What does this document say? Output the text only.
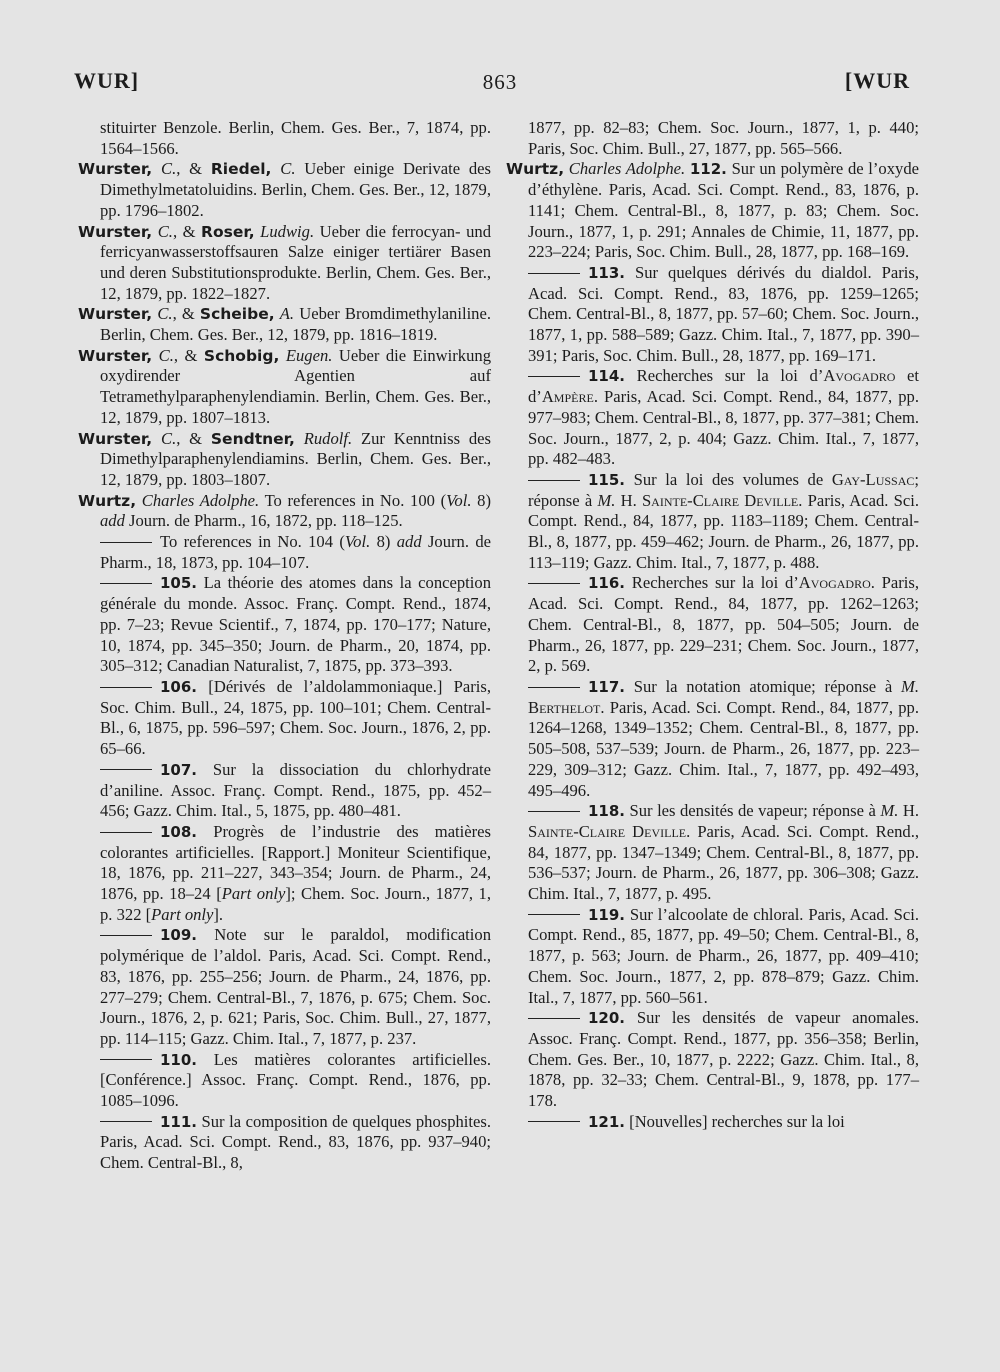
WUR]	863	[WUR

stituirter Benzole. Berlin, Chem. Ges. Ber., 7, 1874, pp. 1564–1566.

Wurster, C., & Riedel, C. Ueber einige Derivate des Dimethylmetatoluidins. Berlin, Chem. Ges. Ber., 12, 1879, pp. 1796–1802.

Wurster, C., & Roser, Ludwig. Ueber die ferrocyan- und ferricyanwasserstoffsauren Salze einiger tertiärer Basen und deren Substitutionsprodukte. Berlin, Chem. Ges. Ber., 12, 1879, pp. 1822–1827.

Wurster, C., & Scheibe, A. Ueber Bromdimethylaniline. Berlin, Chem. Ges. Ber., 12, 1879, pp. 1816–1819.

Wurster, C., & Schobig, Eugen. Ueber die Einwirkung oxydirender Agentien auf Tetramethylparaphenylendiamin. Berlin, Chem. Ges. Ber., 12, 1879, pp. 1807–1813.

Wurster, C., & Sendtner, Rudolf. Zur Kenntniss des Dimethylparaphenylendiamins. Berlin, Chem. Ges. Ber., 12, 1879, pp. 1803–1807.

Wurtz, Charles Adolphe. To references in No. 100 (Vol. 8) add Journ. de Pharm., 16, 1872, pp. 118–125.

To references in No. 104 (Vol. 8) add Journ. de Pharm., 18, 1873, pp. 104–107.

105. La théorie des atomes dans la conception générale du monde. Assoc. Franç. Compt. Rend., 1874, pp. 7–23; Revue Scientif., 7, 1874, pp. 170–177; Nature, 10, 1874, pp. 345–350; Journ. de Pharm., 20, 1874, pp. 305–312; Canadian Naturalist, 7, 1875, pp. 373–393.

106. [Dérivés de l’aldolammoniaque.] Paris, Soc. Chim. Bull., 24, 1875, pp. 100–101; Chem. Central-Bl., 6, 1875, pp. 596–597; Chem. Soc. Journ., 1876, 2, pp. 65–66.

107. Sur la dissociation du chlorhydrate d’aniline. Assoc. Franç. Compt. Rend., 1875, pp. 452–456; Gazz. Chim. Ital., 5, 1875, pp. 480–481.

108. Progrès de l’industrie des matières colorantes artificielles. [Rapport.] Moniteur Scientifique, 18, 1876, pp. 211–227, 343–354; Journ. de Pharm., 24, 1876, pp. 18–24 [Part only]; Chem. Soc. Journ., 1877, 1, p. 322 [Part only].

109. Note sur le paraldol, modification polymérique de l’aldol. Paris, Acad. Sci. Compt. Rend., 83, 1876, pp. 255–256; Journ. de Pharm., 24, 1876, pp. 277–279; Chem. Central-Bl., 7, 1876, p. 675; Chem. Soc. Journ., 1876, 2, p. 621; Paris, Soc. Chim. Bull., 27, 1877, pp. 114–115; Gazz. Chim. Ital., 7, 1877, p. 237.

110. Les matières colorantes artificielles. [Conférence.] Assoc. Franç. Compt. Rend., 1876, pp. 1085–1096.

111. Sur la composition de quelques phosphites. Paris, Acad. Sci. Compt. Rend., 83, 1876, pp. 937–940; Chem. Central-Bl., 8,

1877, pp. 82–83; Chem. Soc. Journ., 1877, 1, p. 440; Paris, Soc. Chim. Bull., 27, 1877, pp. 565–566.

Wurtz, Charles Adolphe. 112. Sur un polymère de l’oxyde d’éthylène. Paris, Acad. Sci. Compt. Rend., 83, 1876, p. 1141; Chem. Central-Bl., 8, 1877, p. 83; Chem. Soc. Journ., 1877, 1, p. 291; Annales de Chimie, 11, 1877, pp. 223–224; Paris, Soc. Chim. Bull., 28, 1877, pp. 168–169.

113. Sur quelques dérivés du dialdol. Paris, Acad. Sci. Compt. Rend., 83, 1876, pp. 1259–1265; Chem. Central-Bl., 8, 1877, pp. 57–60; Chem. Soc. Journ., 1877, 1, pp. 588–589; Gazz. Chim. Ital., 7, 1877, pp. 390–391; Paris, Soc. Chim. Bull., 28, 1877, pp. 169–171.

114. Recherches sur la loi d’Avogadro et d’Ampère. Paris, Acad. Sci. Compt. Rend., 84, 1877, pp. 977–983; Chem. Central-Bl., 8, 1877, pp. 377–381; Chem. Soc. Journ., 1877, 2, p. 404; Gazz. Chim. Ital., 7, 1877, pp. 482–483.

115. Sur la loi des volumes de Gay-Lussac; réponse à M. H. Sainte-Claire Deville. Paris, Acad. Sci. Compt. Rend., 84, 1877, pp. 1183–1189; Chem. Central-Bl., 8, 1877, pp. 459–462; Journ. de Pharm., 26, 1877, pp. 113–119; Gazz. Chim. Ital., 7, 1877, p. 488.

116. Recherches sur la loi d’Avogadro. Paris, Acad. Sci. Compt. Rend., 84, 1877, pp. 1262–1263; Chem. Central-Bl., 8, 1877, pp. 504–505; Journ. de Pharm., 26, 1877, pp. 229–231; Chem. Soc. Journ., 1877, 2, p. 569.

117. Sur la notation atomique; réponse à M. Berthelot. Paris, Acad. Sci. Compt. Rend., 84, 1877, pp. 1264–1268, 1349–1352; Chem. Central-Bl., 8, 1877, pp. 505–508, 537–539; Journ. de Pharm., 26, 1877, pp. 223–229, 309–312; Gazz. Chim. Ital., 7, 1877, pp. 492–493, 495–496.

118. Sur les densités de vapeur; réponse à M. H. Sainte-Claire Deville. Paris, Acad. Sci. Compt. Rend., 84, 1877, pp. 1347–1349; Chem. Central-Bl., 8, 1877, pp. 536–537; Journ. de Pharm., 26, 1877, pp. 306–308; Gazz. Chim. Ital., 7, 1877, p. 495.

119. Sur l’alcoolate de chloral. Paris, Acad. Sci. Compt. Rend., 85, 1877, pp. 49–50; Chem. Central-Bl., 8, 1877, p. 563; Journ. de Pharm., 26, 1877, pp. 409–410; Chem. Soc. Journ., 1877, 2, pp. 878–879; Gazz. Chim. Ital., 7, 1877, pp. 560–561.

120. Sur les densités de vapeur anomales. Assoc. Franç. Compt. Rend., 1877, pp. 356–358; Berlin, Chem. Ges. Ber., 10, 1877, p. 2222; Gazz. Chim. Ital., 8, 1878, pp. 32–33; Chem. Central-Bl., 9, 1878, pp. 177–178.

121. [Nouvelles] recherches sur la loi
